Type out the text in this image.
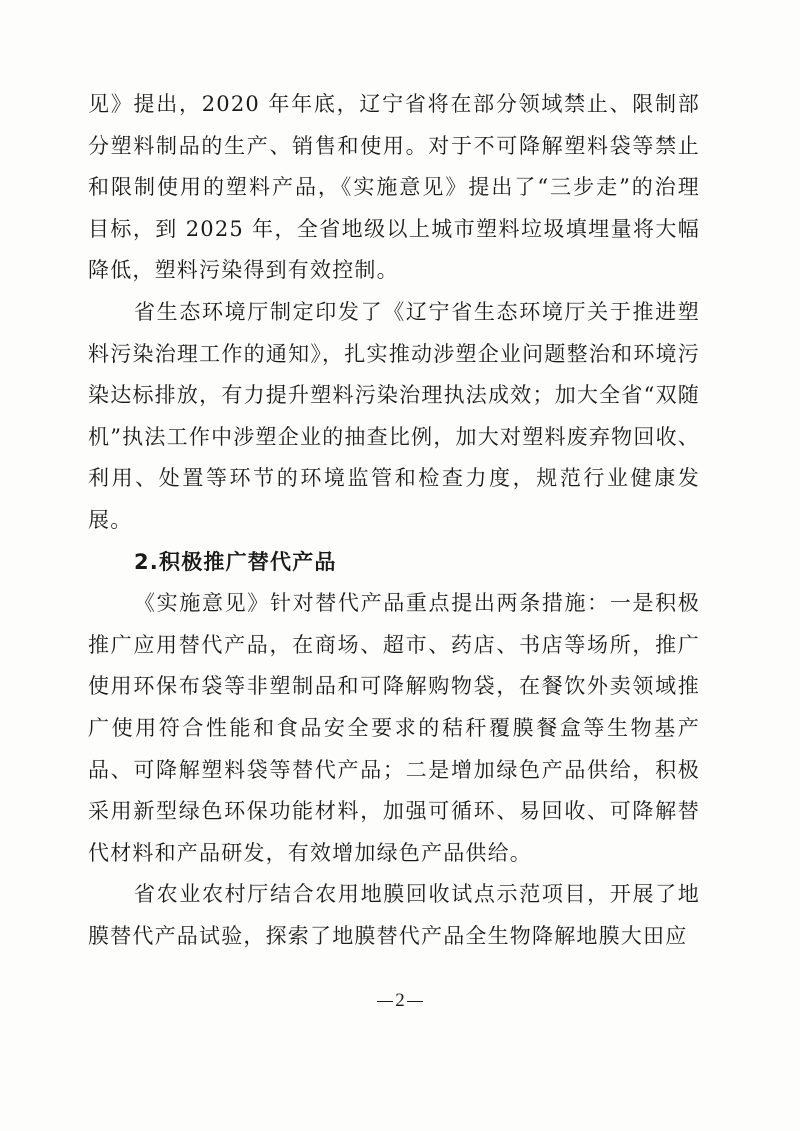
见》提出，2020 年年底，辽宁省将在部分领域禁止、限制部分塑料制品的生产、销售和使用。对于不可降解塑料袋等禁止和限制使用的塑料产品，《实施意见》提出了“三步走”的治理目标，到 2025 年，全省地级以上城市塑料垃圾填埋量将大幅降低，塑料污染得到有效控制。

省生态环境厅制定印发了《辽宁省生态环境厅关于推进塑料污染治理工作的通知》，扎实推动涉塑企业问题整治和环境污染达标排放，有力提升塑料污染治理执法成效；加大全省“双随机”执法工作中涉塑企业的抽查比例，加大对塑料废弃物回收、利用、处置等环节的环境监管和检查力度，规范行业健康发展。

2.积极推广替代产品

《实施意见》针对替代产品重点提出两条措施：一是积极推广应用替代产品，在商场、超市、药店、书店等场所，推广使用环保布袋等非塑制品和可降解购物袋，在餐饮外卖领域推广使用符合性能和食品安全要求的秸秆覆膜餐盒等生物基产品、可降解塑料袋等替代产品；二是增加绿色产品供给，积极采用新型绿色环保功能材料，加强可循环、易回收、可降解替代材料和产品研发，有效增加绿色产品供给。

省农业农村厅结合农用地膜回收试点示范项目，开展了地膜替代产品试验，探索了地膜替代产品全生物降解地膜大田应

2
